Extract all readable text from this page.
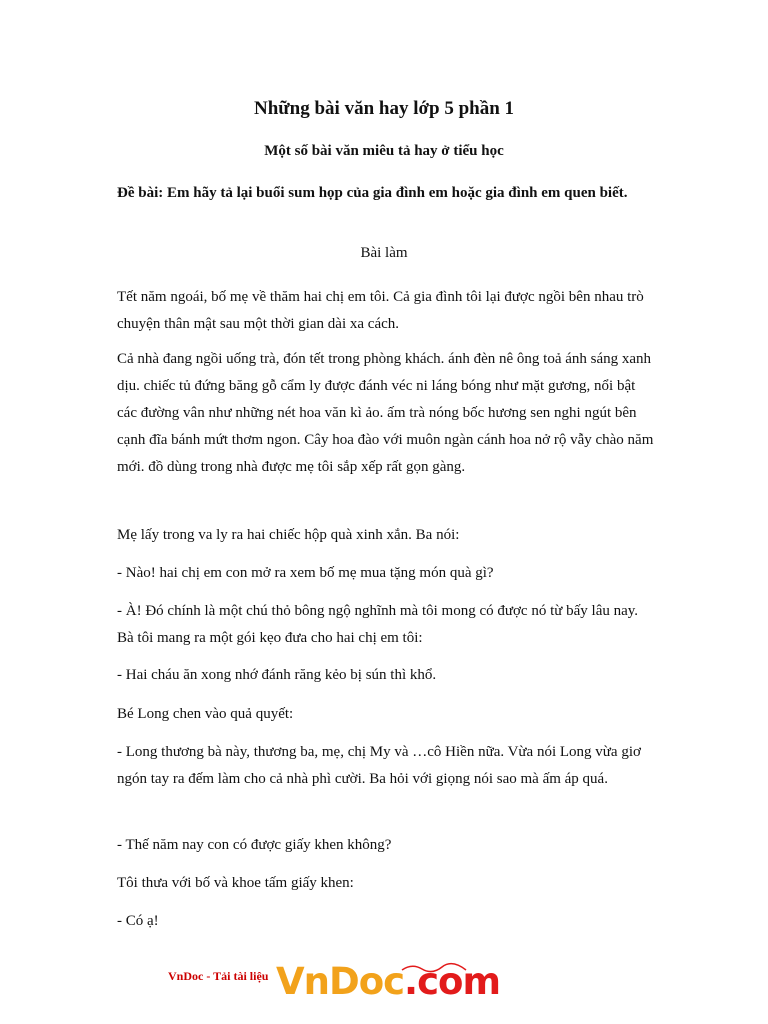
Những bài văn hay lớp 5 phần 1
Một số bài văn miêu tả hay ở tiểu học
Đề bài: Em hãy tả lại buổi sum họp của gia đình em hoặc gia đình em quen biết.
Bài làm

Tết năm ngoái, bố mẹ về thăm hai chị em tôi. Cả gia đình tôi lại được ngồi bên nhau trò chuyện thân mật sau một thời gian dài xa cách.

Cả nhà đang ngồi uống trà, đón tết trong phòng khách. ánh đèn nê ông toả ánh sáng xanh dịu. chiếc tủ đứng băng gỗ cẩm ly được đánh véc ni láng bóng như mặt gương, nổi bật các đường vân như những nét hoa văn kì ảo. ấm trà nóng bốc hương sen nghi ngút bên cạnh đĩa bánh mứt thơm ngon. Cây hoa đào với muôn ngàn cánh hoa nở rộ vẫy chào năm mới. đồ dùng trong nhà được mẹ tôi sắp xếp rất gọn gàng.

Mẹ lấy trong va ly ra hai chiếc hộp quà xinh xắn. Ba nói:

- Nào! hai chị em con mở ra xem bố mẹ mua tặng món quà gì?

- À! Đó chính là một chú thỏ bông ngộ nghĩnh mà tôi mong có được nó từ bấy lâu nay. Bà tôi mang ra một gói kẹo đưa cho hai chị em tôi:

- Hai cháu ăn xong nhớ đánh răng kẻo bị sún thì khổ.

Bé Long chen vào quả quyết:

- Long thương bà này, thương ba, mẹ, chị My và …cô Hiền nữa. Vừa nói Long vừa giơ ngón tay ra đếm làm cho cả nhà phì cười. Ba hỏi với giọng nói sao mà ấm áp quá.

- Thế năm nay con có được giấy khen không?

Tôi thưa với bố và khoe tấm giấy khen:

- Có ạ!

VnDoc - Tải tài liệu VnDoc.com
